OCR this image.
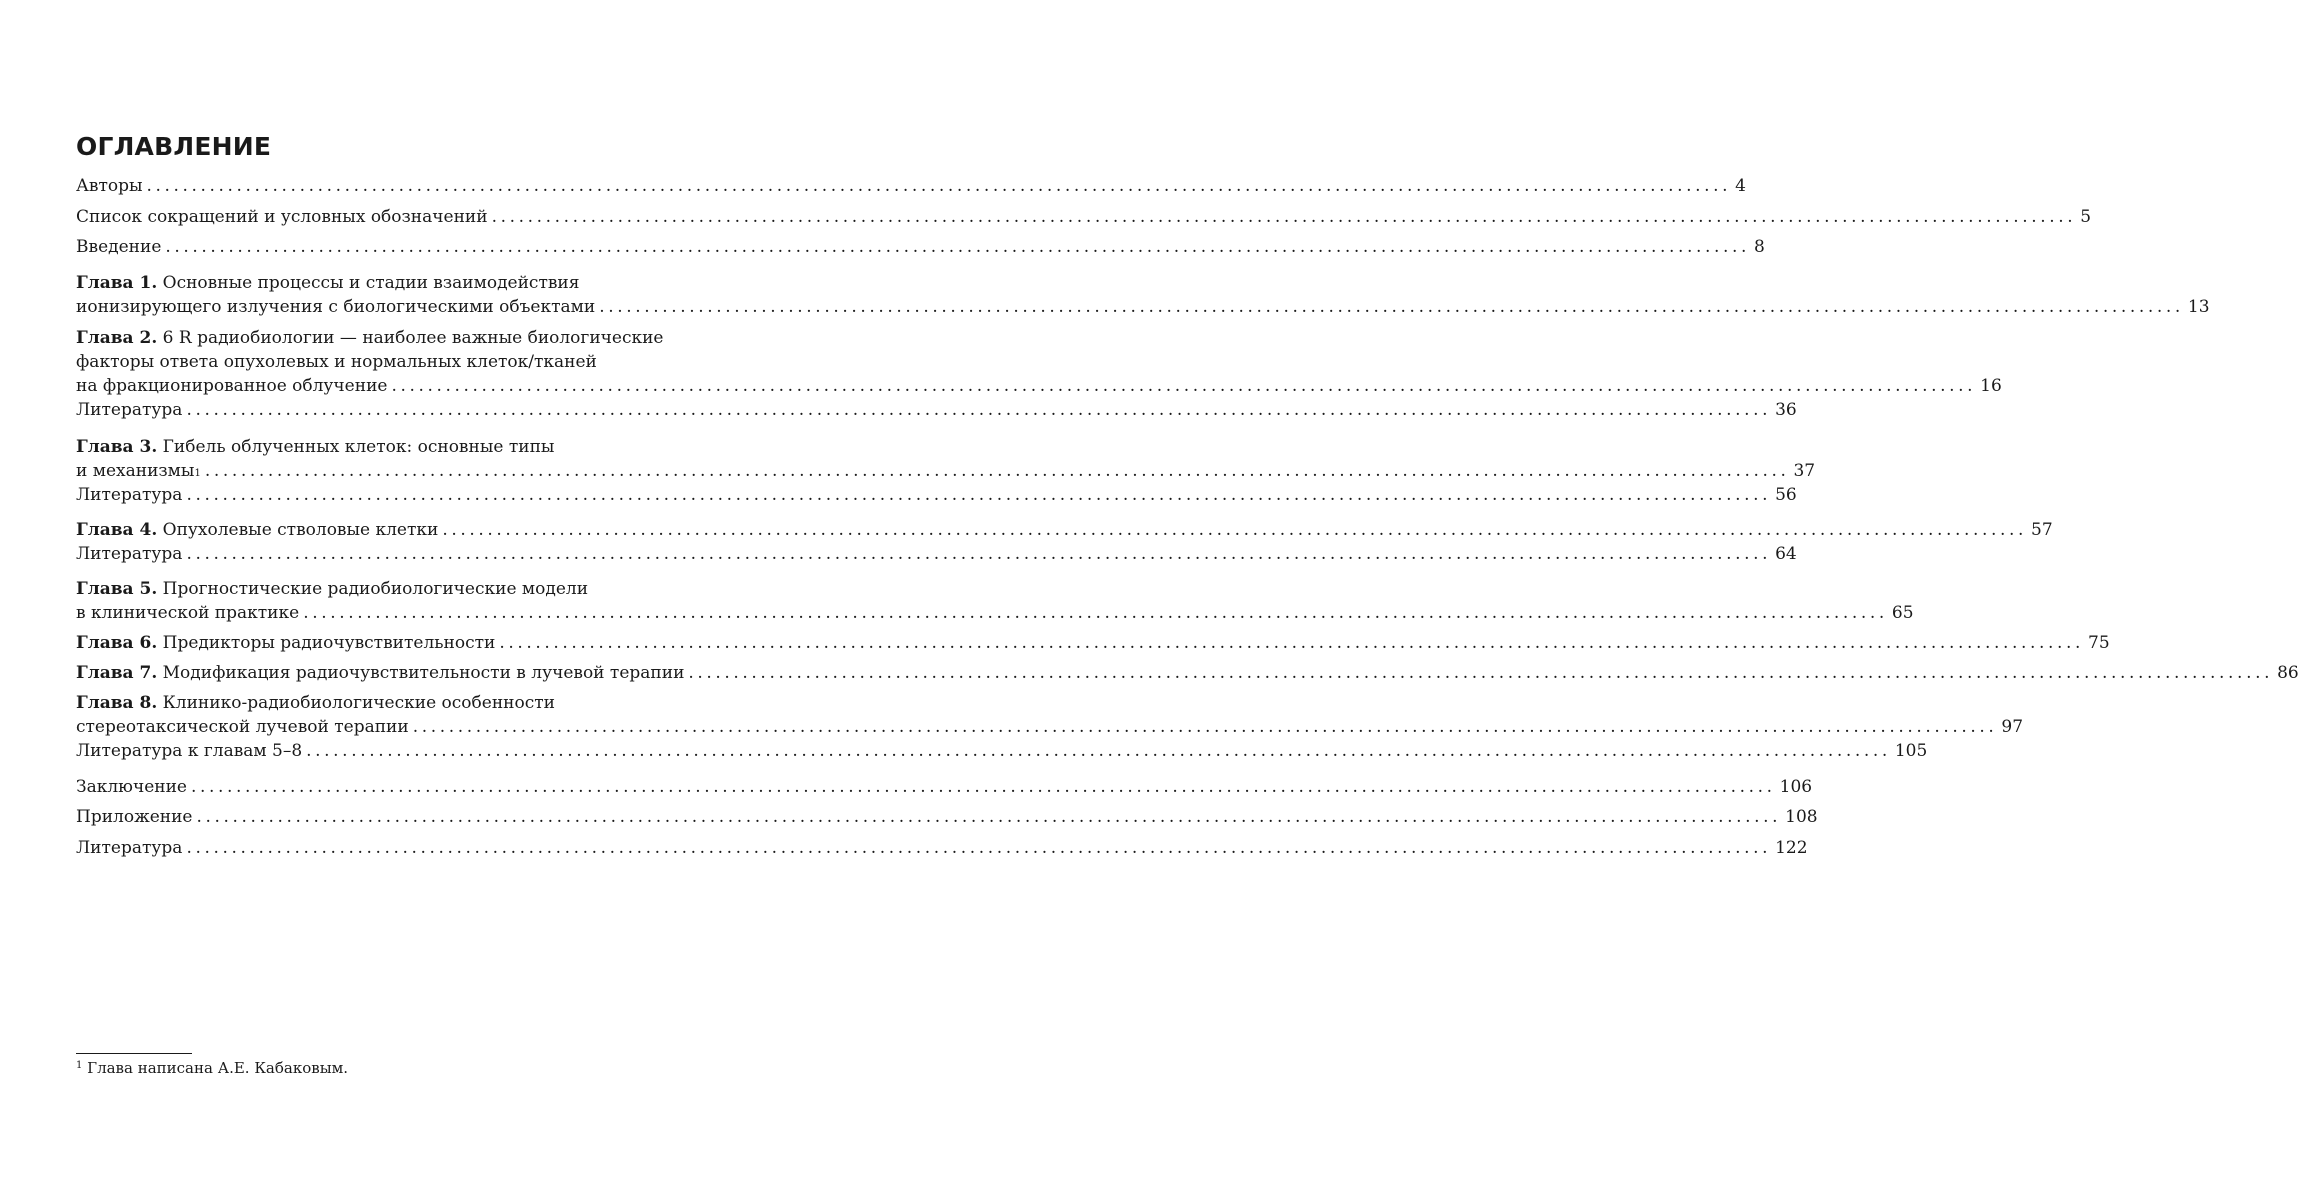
ОГЛАВЛЕНИЕ
Авторы ................................................................................................................................................................................ 4
Список сокращений и условных обозначений ................................................................................................................................................................................ 5
Введение ................................................................................................................................................................................ 8
Глава 1.
Основные процессы и стадии взаимодействия
ионизирующего излучения с биологическими объектами ................................................................................................................................................................................ 13
Глава 2.
6 R радиобиологии — наиболее важные биологические
факторы ответа опухолевых и нормальных клеток/тканей
на фракционированное облучение ................................................................................................................................................................................ 16
Литература ................................................................................................................................................................................ 36
Глава 3.
Гибель облученных клеток: основные типы
и механизмы 1 ................................................................................................................................................................................ 37
Литература ................................................................................................................................................................................ 56
Глава 4.
Опухолевые стволовые клетки ................................................................................................................................................................................ 57
Литература ................................................................................................................................................................................ 64
Глава 5.
Прогностические радиобиологические модели
в клинической практике ................................................................................................................................................................................ 65
Глава 6.
Предикторы радиочувствительности ................................................................................................................................................................................ 75
Глава 7.
Модификация радиочувствительности в лучевой терапии ................................................................................................................................................................................ 86
Глава 8.
Клинико-радиобиологические особенности
стереотаксической лучевой терапии ................................................................................................................................................................................ 97
Литература к главам 5–8 ................................................................................................................................................................................ 105
Заключение ................................................................................................................................................................................ 106
Приложение ................................................................................................................................................................................ 108
Литература ................................................................................................................................................................................ 122
$^1$ Глава написана А.Е. Кабаковым.
